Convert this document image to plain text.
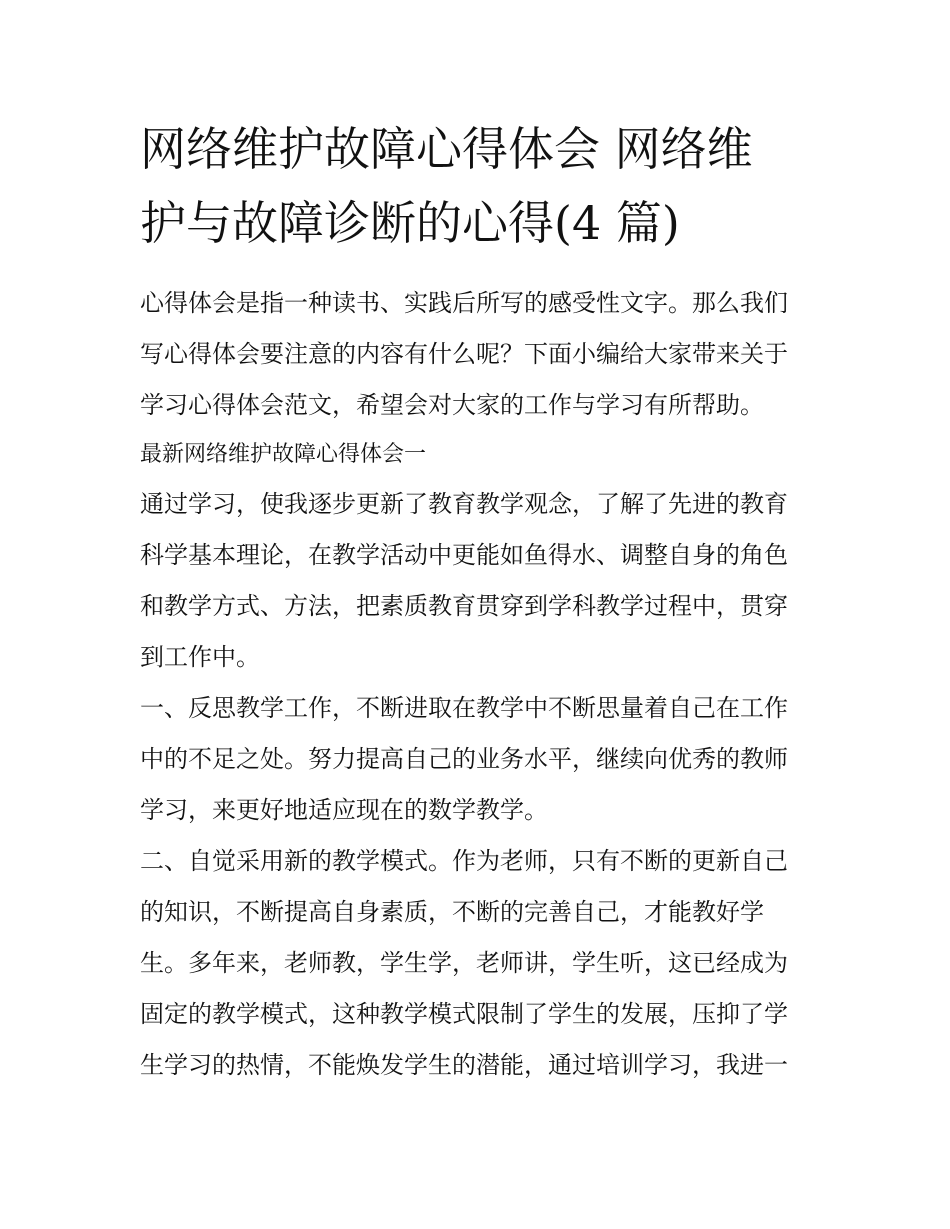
网络维护故障心得体会 网络维
护与故障诊断的心得(4 篇)

心得体会是指一种读书、实践后所写的感受性文字。那么我们
写心得体会要注意的内容有什么呢？下面小编给大家带来关于
学习心得体会范文，希望会对大家的工作与学习有所帮助。

最新网络维护故障心得体会一

通过学习，使我逐步更新了教育教学观念，了解了先进的教育
科学基本理论，在教学活动中更能如鱼得水、调整自身的角色
和教学方式、方法，把素质教育贯穿到学科教学过程中，贯穿
到工作中。

一、反思教学工作，不断进取在教学中不断思量着自己在工作
中的不足之处。努力提高自己的业务水平，继续向优秀的教师
学习，来更好地适应现在的数学教学。

二、自觉采用新的教学模式。作为老师，只有不断的更新自己
的知识，不断提高自身素质，不断的完善自己，才能教好学
生。多年来，老师教，学生学，老师讲，学生听，这已经成为
固定的教学模式，这种教学模式限制了学生的发展，压抑了学
生学习的热情，不能焕发学生的潜能，通过培训学习，我进一
